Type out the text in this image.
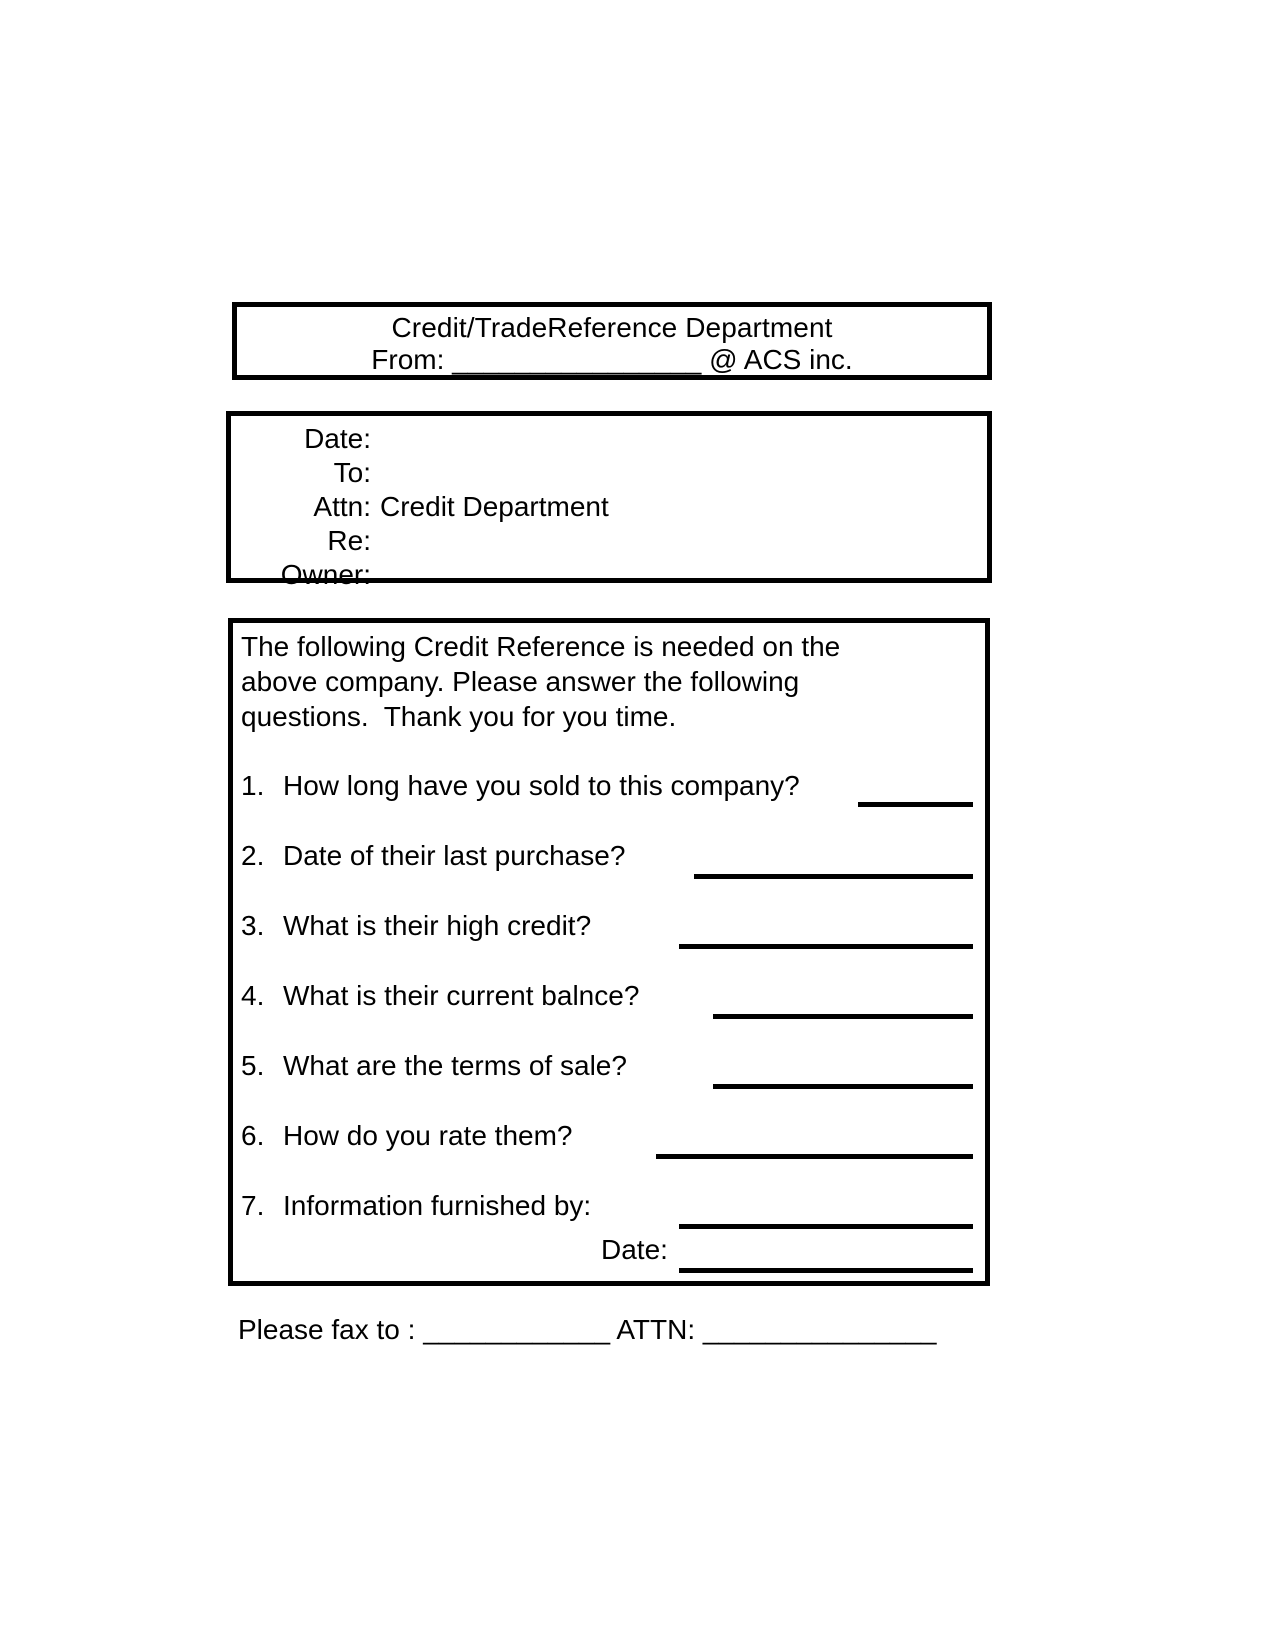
Credit/TradeReference Department
From: ________________ @ ACS inc.
Date:
To:
Attn: Credit Department
Re:
Owner:
The following Credit Reference is needed on the
above company. Please answer the following
questions.  Thank you for you time.
1. How long have you sold to this company?
2. Date of their last purchase?
3. What is their high credit?
4. What is their current balnce?
5. What are the terms of sale?
6. How do you rate them?
7. Information furnished by:
Date:
Please fax to : ____________ ATTN: _______________
